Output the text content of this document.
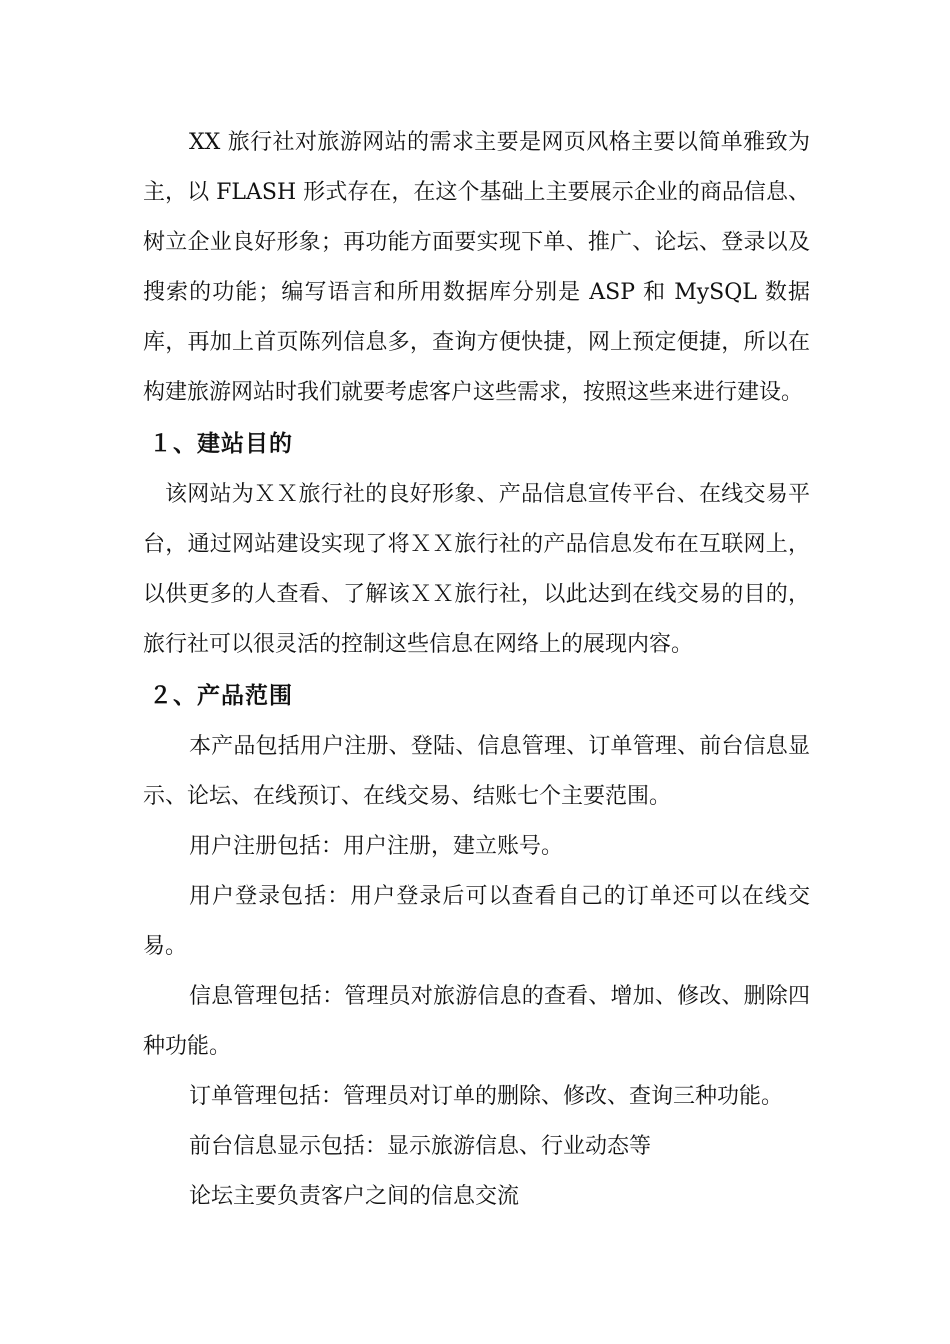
XX 旅行社对旅游网站的需求主要是网页风格主要以简单雅致为主，以 FLASH 形式存在，在这个基础上主要展示企业的商品信息、树立企业良好形象；再功能方面要实现下单、推广、论坛、登录以及搜索的功能；编写语言和所用数据库分别是 ASP 和 MySQL 数据库，再加上首页陈列信息多，查询方便快捷，网上预定便捷，所以在构建旅游网站时我们就要考虑客户这些需求，按照这些来进行建设。

１、建站目的

该网站为ＸＸ旅行社的良好形象、产品信息宣传平台、在线交易平台，通过网站建设实现了将ＸＸ旅行社的产品信息发布在互联网上，以供更多的人查看、了解该ＸＸ旅行社，以此达到在线交易的目的，旅行社可以很灵活的控制这些信息在网络上的展现内容。

２、产品范围

本产品包括用户注册、登陆、信息管理、订单管理、前台信息显示、论坛、在线预订、在线交易、结账七个主要范围。

用户注册包括：用户注册，建立账号。

用户登录包括：用户登录后可以查看自己的订单还可以在线交易。

信息管理包括：管理员对旅游信息的查看、增加、修改、删除四种功能。

订单管理包括：管理员对订单的删除、修改、查询三种功能。

前台信息显示包括：显示旅游信息、行业动态等

论坛主要负责客户之间的信息交流
